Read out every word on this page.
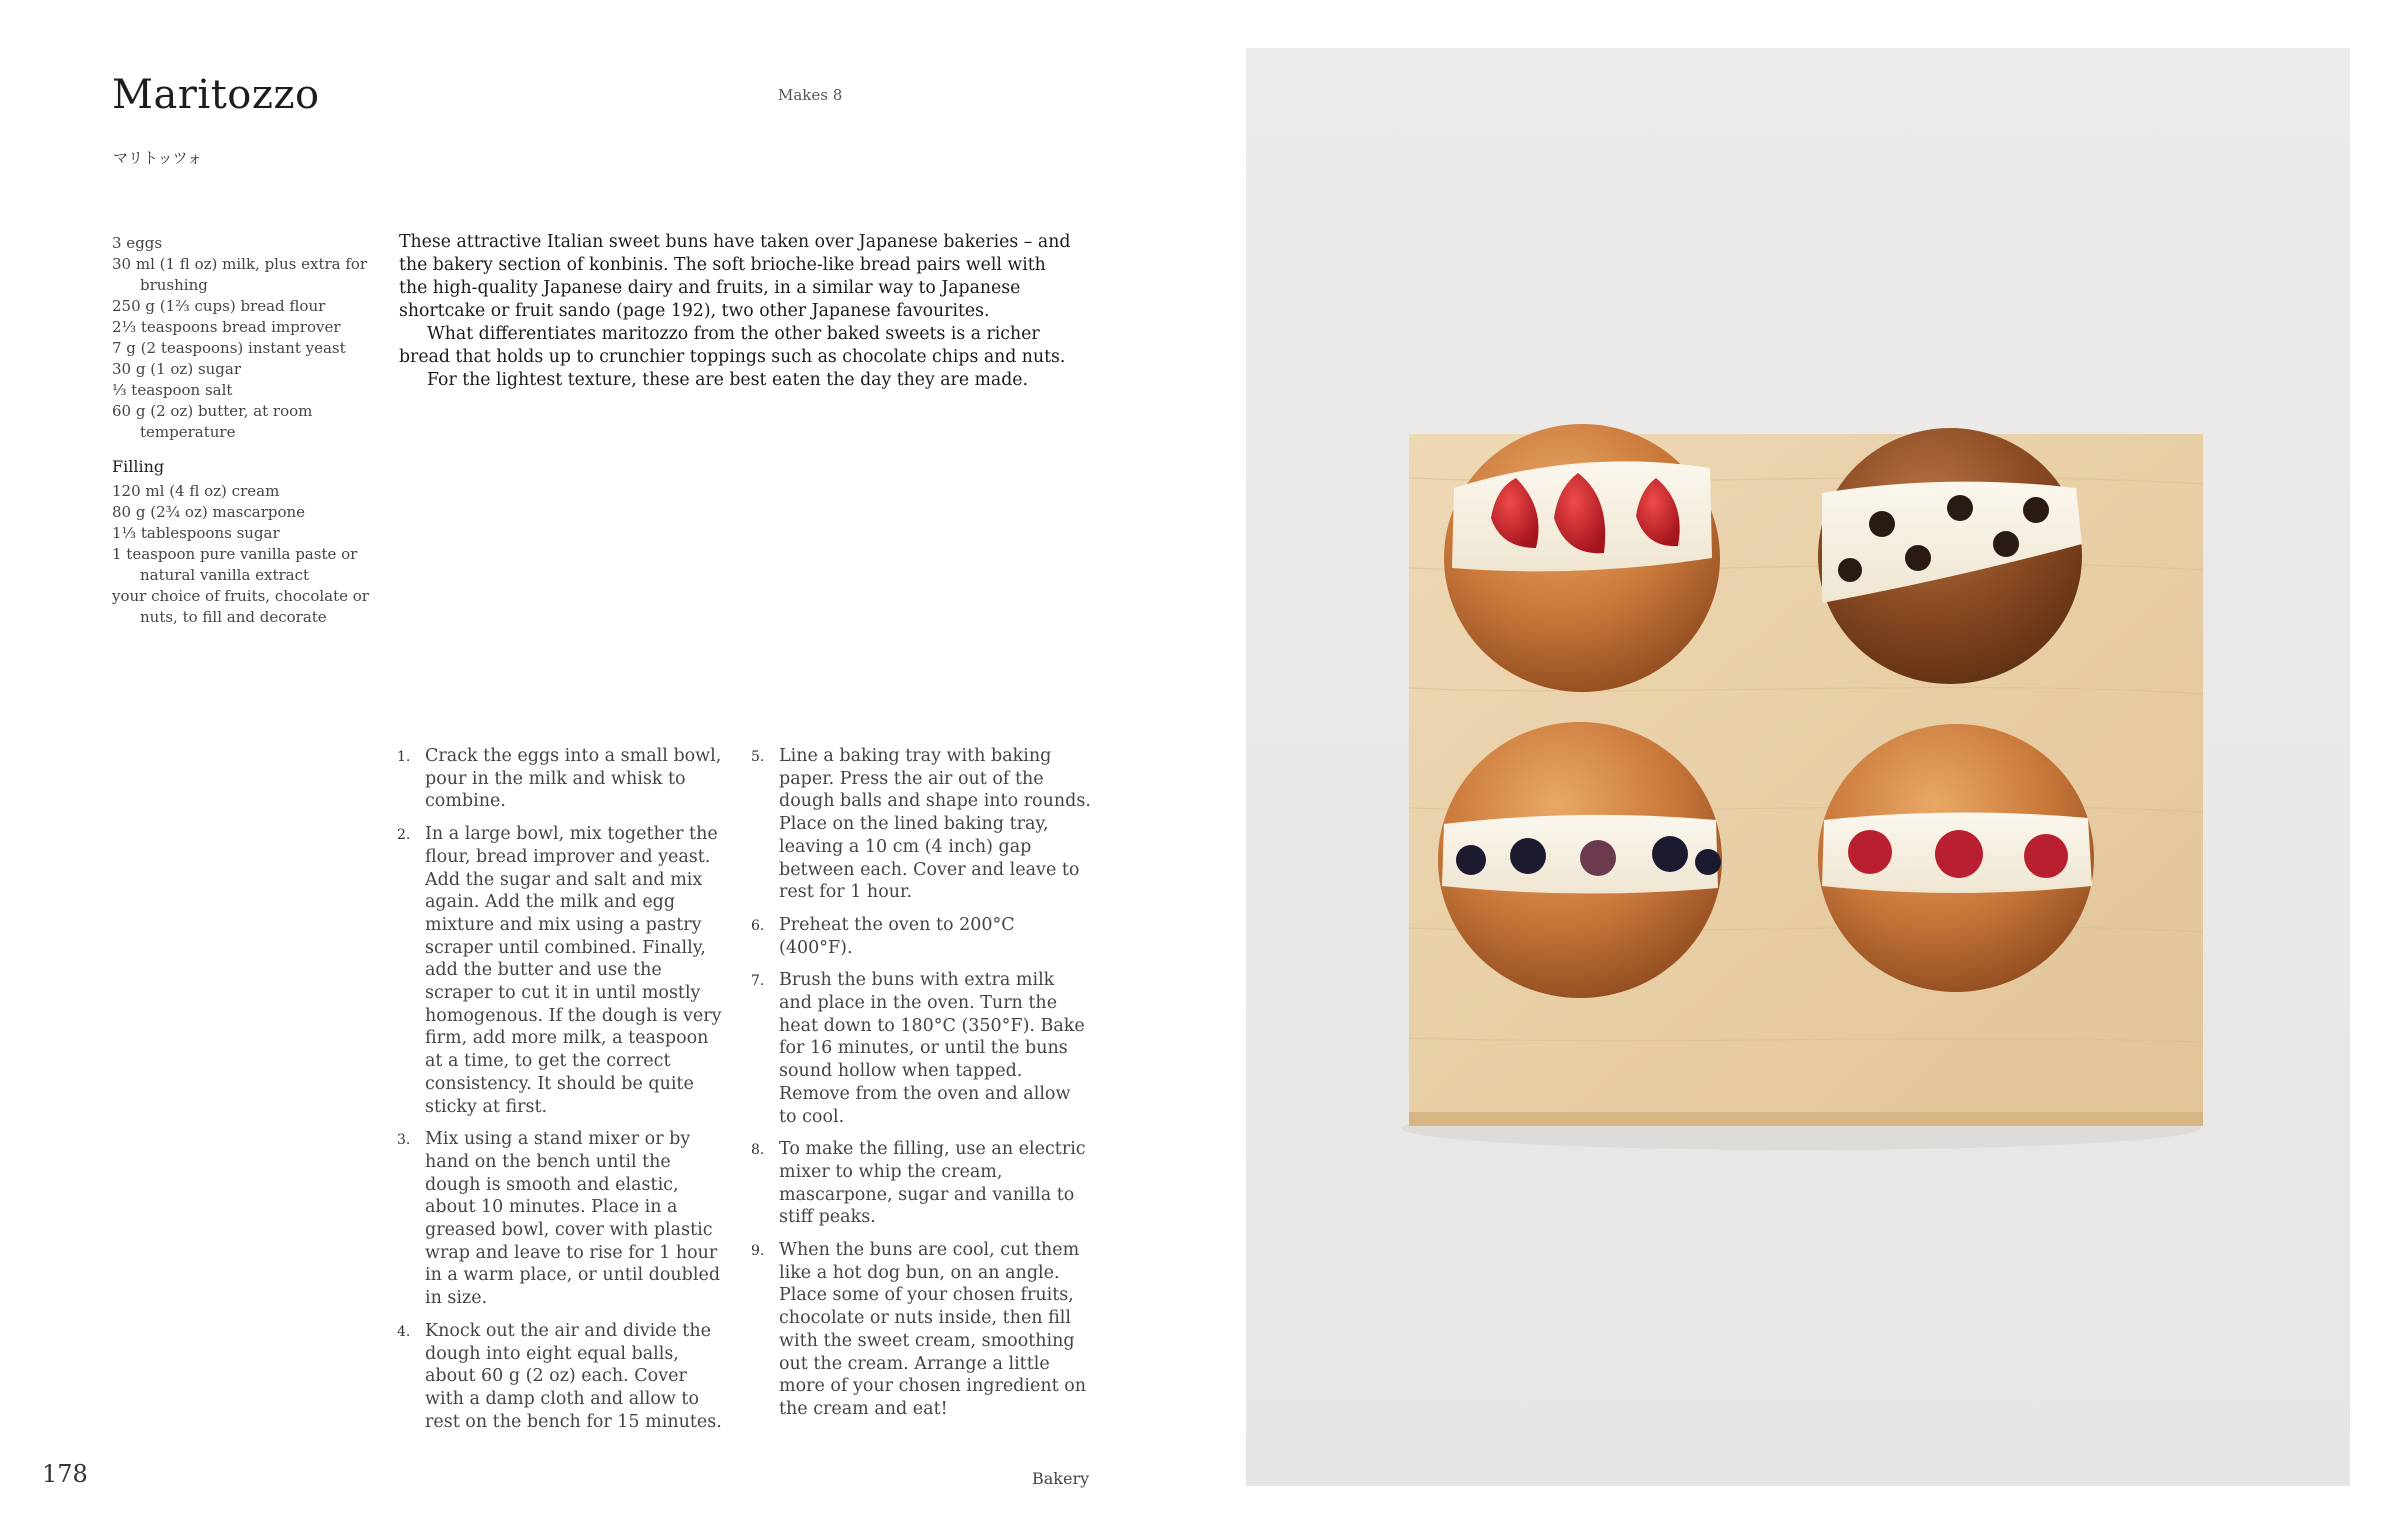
Maritozzo
マリトッツォ
Makes 8
3 eggs
30 ml (1 fl oz) milk, plus extra for brushing
250 g (1⅔ cups) bread flour
2⅓ teaspoons bread improver
7 g (2 teaspoons) instant yeast
30 g (1 oz) sugar
⅓ teaspoon salt
60 g (2 oz) butter, at room temperature
Filling
120 ml (4 fl oz) cream
80 g (2¾ oz) mascarpone
1⅓ tablespoons sugar
1 teaspoon pure vanilla paste or natural vanilla extract
your choice of fruits, chocolate or nuts, to fill and decorate

These attractive Italian sweet buns have taken over Japanese bakeries – and the bakery section of konbinis. The soft brioche-like bread pairs well with the high-quality Japanese dairy and fruits, in a similar way to Japanese shortcake or fruit sando (page 192), two other Japanese favourites.

What differentiates maritozzo from the other baked sweets is a richer bread that holds up to crunchier toppings such as chocolate chips and nuts.

For the lightest texture, these are best eaten the day they are made.

1. Crack the eggs into a small bowl, pour in the milk and whisk to combine.
2. In a large bowl, mix together the flour, bread improver and yeast. Add the sugar and salt and mix again. Add the milk and egg mixture and mix using a pastry scraper until combined. Finally, add the butter and use the scraper to cut it in until mostly homogenous. If the dough is very firm, add more milk, a teaspoon at a time, to get the correct consistency. It should be quite sticky at first.
3. Mix using a stand mixer or by hand on the bench until the dough is smooth and elastic, about 10 minutes. Place in a greased bowl, cover with plastic wrap and leave to rise for 1 hour in a warm place, or until doubled in size.
4. Knock out the air and divide the dough into eight equal balls, about 60 g (2 oz) each. Cover with a damp cloth and allow to rest on the bench for 15 minutes.
5. Line a baking tray with baking paper. Press the air out of the dough balls and shape into rounds. Place on the lined baking tray, leaving a 10 cm (4 inch) gap between each. Cover and leave to rest for 1 hour.
6. Preheat the oven to 200°C (400°F).
7. Brush the buns with extra milk and place in the oven. Turn the heat down to 180°C (350°F). Bake for 16 minutes, or until the buns sound hollow when tapped. Remove from the oven and allow to cool.
8. To make the filling, use an electric mixer to whip the cream, mascarpone, sugar and vanilla to stiff peaks.
9. When the buns are cool, cut them like a hot dog bun, on an angle. Place some of your chosen fruits, chocolate or nuts inside, then fill with the sweet cream, smoothing out the cream. Arrange a little more of your chosen ingredient on the cream and eat!
178	Bakery
